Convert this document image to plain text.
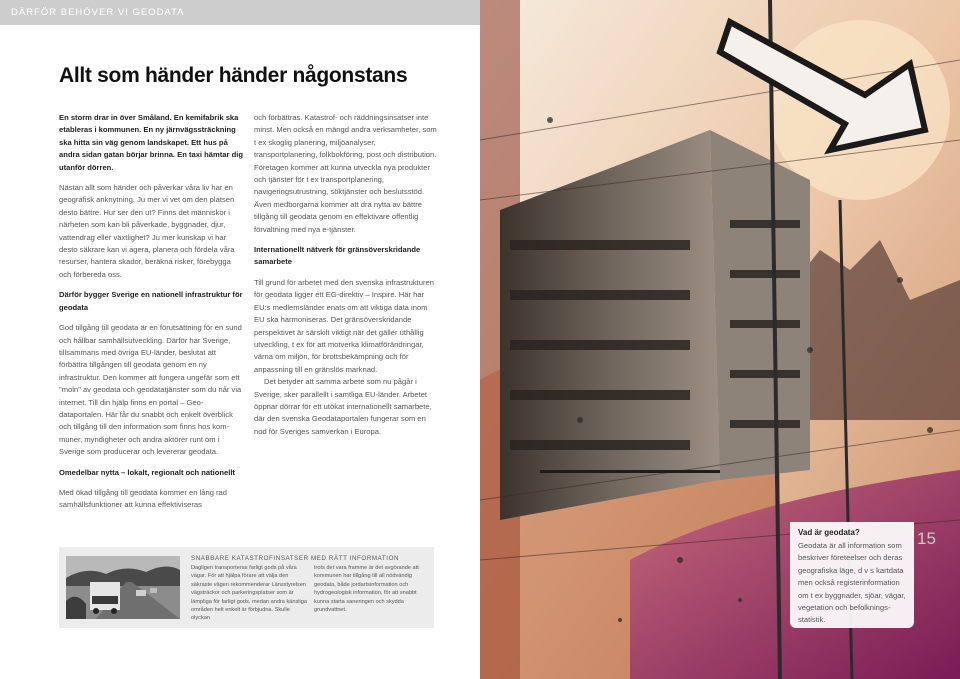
DÄRFÖR BEHÖVER VI GEODATA
Allt som händer händer någonstans

En storm drar in över Småland. En kemifabrik ska etableras i kommunen. En ny järnvägssträckning ska hitta sin väg genom landskapet. Ett hus på andra sidan gatan börjar brinna. En taxi hämtar dig utanför dörren.

Nästan allt som händer och påverkar våra liv har en geografisk anknytning. Ju mer vi vet om den platsen desto bättre. Hur ser den ut? Finns det människor i närheten som kan bli påverkade, byggnader, djur, vattendrag eller växtlighet? Ju mer kunskap vi har desto säkrare kan vi agera, planera och fördela våra resurser, hantera skador, beräkna risker, förebygga och förbereda oss.

Därför bygger Sverige en nationell infrastruktur för geodata

God tillgång till geodata är en förutsättning för en sund och hållbar samhällsutveckling. Därför har Sverige, tillsammans med övriga EU-länder, beslutat att förbättra tillgången till geodata genom en ny infrastruktur. Den kommer att fungera ungefär som ett "moln" av geodata och geodatatjänster som du når via internet. Till din hjälp finns en portal – Geodataportalen. Här får du snabbt och enkelt överblick och tillgång till den information som finns hos kommuner, myndigheter och andra aktörer runt om i Sverige som producerar och levererar geodata.

Omedelbar nytta – lokalt, regionalt och nationellt

Med ökad tillgång till geodata kommer en lång rad samhällsfunktioner att kunna effektiviseras

och förbättras. Katastrof- och räddningsinsatser inte minst. Men också en mängd andra verksamheter, som t ex skoglig planering, miljöanalyser, transportplanering, folkbokföring, post och distribution. Företagen kommer att kunna utveckla nya produkter och tjänster för t ex transportplanering, navigeringsutrustning, söktjänster och beslutsstöd. Även medborgarna kommer att dra nytta av bättre tillgång till geodata genom en effektivare offentlig förvaltning med nya e-tjänster.

Internationellt nätverk för gränsöverskridande samarbete

Till grund för arbetet med den svenska infrastrukturen för geodata ligger ett EG-direktiv – Inspire. Här har EU:s medlemsländer enats om att viktiga data inom EU ska harmoniseras. Det gränsöverskridande perspektivet är särskilt viktigt när det gäller uthållig utveckling, t ex för att motverka klimatförändringar, värna om miljön, för brottsbekämpning och för anpassning till en gränslös marknad.

Det betyder att samma arbete som nu pågår i Sverige, sker parallellt i samtliga EU-länder. Arbetet öppnar dörrar för ett utökat internationellt samarbete, där den svenska Geodataportalen fungerar som en nod för Sveriges samverkan i Europa.

SNABBARE KATASTROFINSATSER MED RÄTT INFORMATION
Dagligen transporteras farligt gods på våra vägar. För att hjälpa förare att välja den säkraste vägen rekommenderar Länsstyrelsen vägsträckor och parkeringsplatser som är lämpliga för farligt gods, medan andra känsliga områden helt enkelt är förbjudna. Skulle olyckan
trots det vara framme är det avgörande att kommunen har tillgång till all nödvändig geodata, både jordartsinformation och hydrogeologisk information, för att snabbt kunna starta saneringen och skydda grundvattnet.
Vad är geodata?
Geodata är all information som beskriver företeelser och deras geografiska läge, d v s kartdata men också registerinformation om t ex byggnader, sjöar, vägar, vegetation och befolkningsstatistik.
15
